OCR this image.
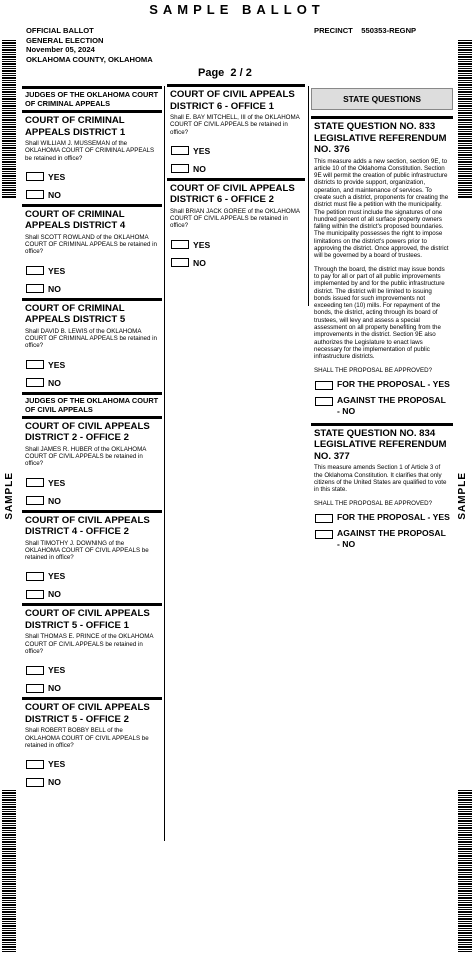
SAMPLE BALLOT
OFFICIAL BALLOT
GENERAL ELECTION
November 05, 2024
OKLAHOMA COUNTY, OKLAHOMA
PRECINCT    550353-REGNP
Page  2 / 2
SAMPLE	SAMPLE
JUDGES OF THE OKLAHOMA COURT OF CRIMINAL APPEALS
COURT OF CRIMINAL APPEALS DISTRICT 1

Shall WILLIAM J. MUSSEMAN of the OKLAHOMA COURT OF CRIMINAL APPEALS be retained in office?

YES
NO
COURT OF CRIMINAL APPEALS DISTRICT 4

Shall SCOTT ROWLAND of the OKLAHOMA COURT OF CRIMINAL APPEALS be retained in office?

YES
NO
COURT OF CRIMINAL APPEALS DISTRICT 5

Shall DAVID B. LEWIS of the OKLAHOMA COURT OF CRIMINAL APPEALS be retained in office?

YES
NO
JUDGES OF THE OKLAHOMA COURT OF CIVIL APPEALS
COURT OF CIVIL APPEALS DISTRICT 2 - OFFICE 2

Shall JAMES R. HUBER of the OKLAHOMA COURT OF CIVIL APPEALS be retained in office?

YES
NO
COURT OF CIVIL APPEALS DISTRICT 4 - OFFICE 2

Shall TIMOTHY J. DOWNING of the OKLAHOMA COURT OF CIVIL APPEALS be retained in office?

YES
NO
COURT OF CIVIL APPEALS DISTRICT 5 - OFFICE 1

Shall THOMAS E. PRINCE of the OKLAHOMA COURT OF CIVIL APPEALS be retained in office?

YES
NO
COURT OF CIVIL APPEALS DISTRICT 5 - OFFICE 2

Shall ROBERT BOBBY BELL of the OKLAHOMA COURT OF CIVIL APPEALS be retained in office?

YES
NO
COURT OF CIVIL APPEALS DISTRICT 6 - OFFICE 1

Shall E. BAY MITCHELL, III of the OKLAHOMA COURT OF CIVIL APPEALS be retained in office?

YES
NO
COURT OF CIVIL APPEALS DISTRICT 6 - OFFICE 2

Shall BRIAN JACK GOREE of the OKLAHOMA COURT OF CIVIL APPEALS be retained in office?

YES
NO
STATE QUESTIONS
STATE QUESTION NO. 833 LEGISLATIVE REFERENDUM NO. 376

This measure adds a new section, section 9E, to article 10 of the Oklahoma Constitution. Section 9E will permit the creation of public infrastructure districts to provide support, organization, operation, and maintenance of services. To create such a district, proponents for creating the district must file a petition with the municipality. The petition must include the signatures of one hundred percent of all surface property owners falling within the district's proposed boundaries. The municipality possesses the right to impose limitations on the district's powers prior to approving the district. Once approved, the district will be governed by a board of trustees.

Through the board, the district may issue bonds to pay for all or part of all public improvements implemented by and for the public infrastructure district. The district will be limited to issuing bonds issued for such improvements not exceeding ten (10) mills. For repayment of the bonds, the district, acting through its board of trustees, will levy and assess a special assessment on all property benefiting from the improvements in the district. Section 9E also authorizes the Legislature to enact laws necessary for the implementation of public infrastructure districts.

SHALL THE PROPOSAL BE APPROVED?

FOR THE PROPOSAL - YES
AGAINST THE PROPOSAL - NO
STATE QUESTION NO. 834 LEGISLATIVE REFERENDUM NO. 377

This measure amends Section 1 of Article 3 of the Oklahoma Constitution. It clarifies that only citizens of the United States are qualified to vote in this state.

SHALL THE PROPOSAL BE APPROVED?

FOR THE PROPOSAL - YES
AGAINST THE PROPOSAL - NO
